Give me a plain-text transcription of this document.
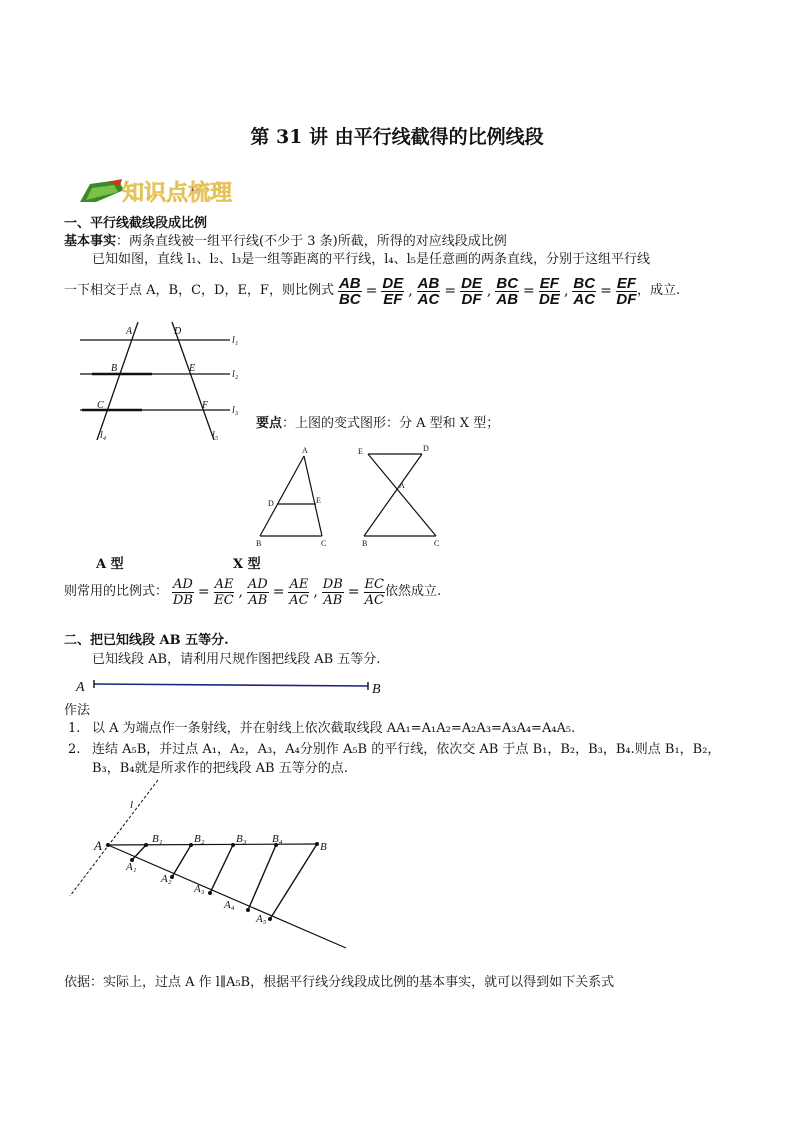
第 31 讲 由平行线截得的比例线段
知识点梳理
一、平行线截线段成比例
基本事实：两条直线被一组平行线(不少于 3 条)所截，所得的对应线段成比例
已知如图，直线 l₁、l₂、l₃是一组等距离的平行线，l₄、l₅是任意画的两条直线，分别于这组平行线
一下相交于点 A，B，C，D，E，F，则比例式 $\frac{AB}{BC} = \frac{DE}{EF}$ , $\frac{AB}{AC} = \frac{DE}{DF}$ , $\frac{BC}{AB} = \frac{EF}{DE}$ , $\frac{BC}{AC} = \frac{EF}{DF}$ ，成立.
A	D
B	E
C	F
l₁
l₂
l₃
l₄	l₅
要点：上图的变式图形：分 A 型和 X 型；
A
D	E
B	C
E	D
A
B	C
A 型	X 型
则常用的比例式： $\frac{AD}{DB} = \frac{AE}{EC}$ , $\frac{AD}{AB} = \frac{AE}{AC}$ , $\frac{DB}{AB} = \frac{EC}{AC}$ 依然成立.
二、把已知线段 AB 五等分.
已知线段 AB，请利用尺规作图把线段 AB 五等分.
A	B
作法
1. 以 A 为端点作一条射线，并在射线上依次截取线段 AA₁=A₁A₂=A₂A₃=A₃A₄=A₄A₅.
2. 连结 A₅B，并过点 A₁，A₂，A₃，A₄分别作 A₅B 的平行线，依次交 AB 于点 B₁，B₂，B₃，B₄.则点 B₁，B₂，
B₃，B₄就是所求作的把线段 AB 五等分的点.
A	B
l
B₁	B₂	B₃ B₄
A₁
A₂
A₃
A₄
A₅
依据：实际上，过点 A 作 l∥A₅B，根据平行线分线段成比例的基本事实，就可以得到如下关系式
